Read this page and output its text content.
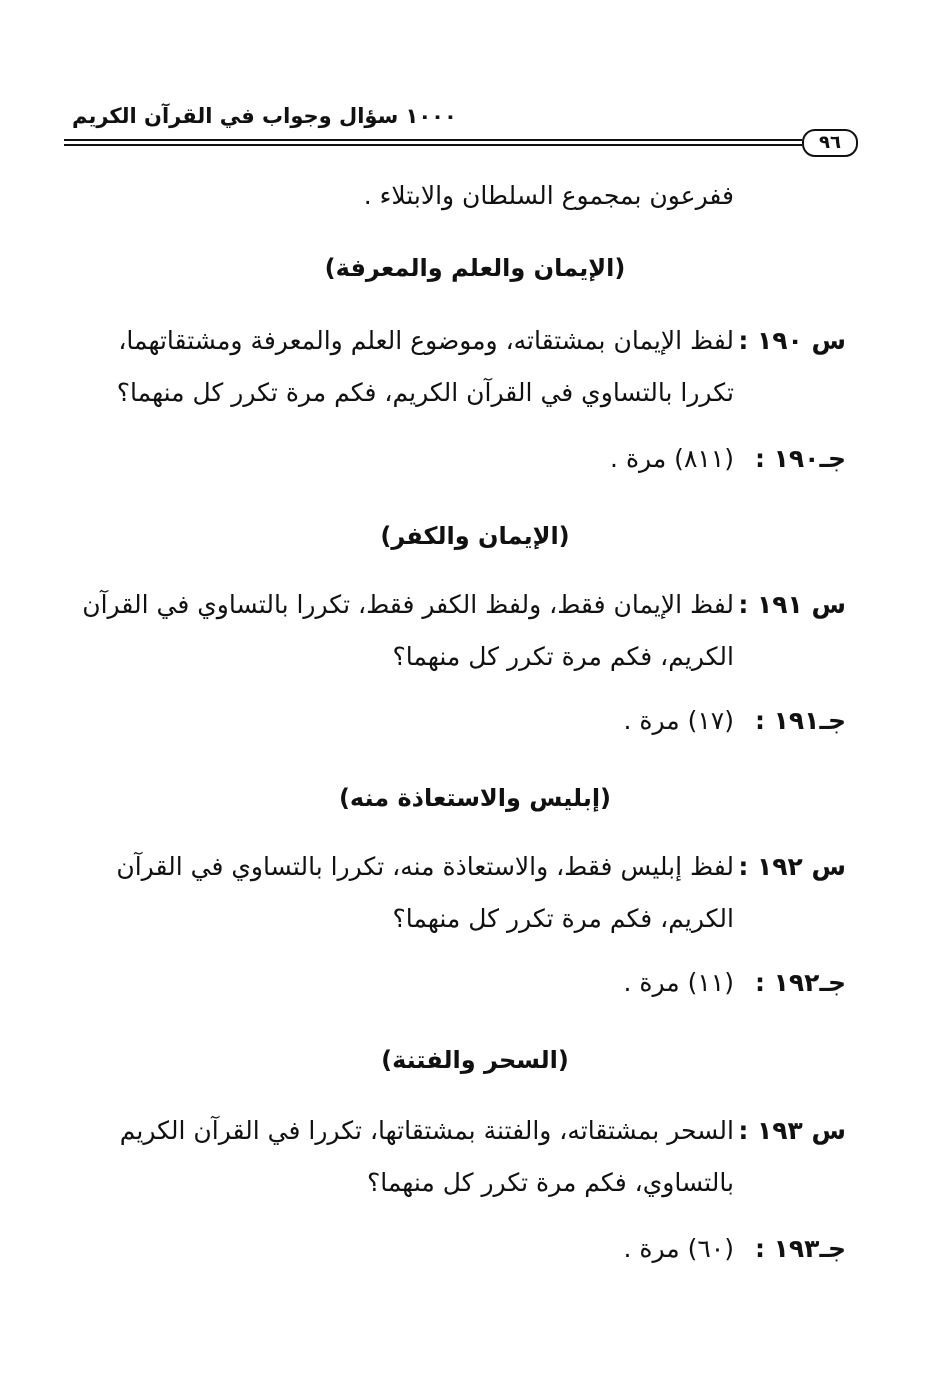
١٠٠٠ سؤال وجواب في القرآن الكريم
٩٦
ففرعون بمجموع السلطان والابتلاء .
(الإيمان والعلم والمعرفة)
س ١٩٠ :لفظ الإيمان بمشتقاته، وموضوع العلم والمعرفة ومشتقاتهما،
تكررا بالتساوي في القرآن الكريم، فكم مرة تكرر كل منهما؟
جـ١٩٠ :(٨١١) مرة .
(الإيمان والكفر)
س ١٩١ :لفظ الإيمان فقط، ولفظ الكفر فقط، تكررا بالتساوي في القرآن
الكريم، فكم مرة تكرر كل منهما؟
جـ١٩١ :(١٧) مرة .
(إبليس والاستعاذة منه)
س ١٩٢ :لفظ إبليس فقط، والاستعاذة منه، تكررا بالتساوي في القرآن
الكريم، فكم مرة تكرر كل منهما؟
جـ١٩٢ :(١١) مرة .
(السحر والفتنة)
س ١٩٣ :السحر بمشتقاته، والفتنة بمشتقاتها، تكررا في القرآن الكريم
بالتساوي، فكم مرة تكرر كل منهما؟
جـ١٩٣ :(٦٠) مرة .
